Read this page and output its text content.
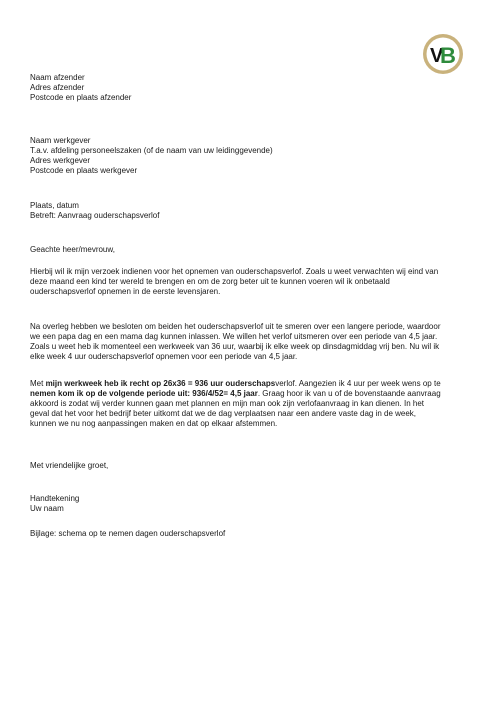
V
B
Naam afzender
Adres afzender
Postcode en plaats afzender
Naam werkgever
T.a.v. afdeling personeelszaken (of de naam van uw leidinggevende)
Adres werkgever
Postcode en plaats werkgever
Plaats, datum
Betreft: Aanvraag ouderschapsverlof
Geachte heer/mevrouw,
Hierbij wil ik mijn verzoek indienen voor het opnemen van ouderschapsverlof. Zoals u weet verwachten wij eind van
deze maand een kind ter wereld te brengen en om de zorg beter uit te kunnen voeren wil ik onbetaald
ouderschapsverlof opnemen in de eerste levensjaren.
Na overleg hebben we besloten om beiden het ouderschapsverlof uit te smeren over een langere periode, waardoor
we een papa dag en een mama dag kunnen inlassen. We willen het verlof uitsmeren over een periode van 4,5 jaar.
Zoals u weet heb ik momenteel een werkweek van 36 uur, waarbij ik elke week op dinsdagmiddag vrij ben. Nu wil ik
elke week 4 uur ouderschapsverlof opnemen voor een periode van 4,5 jaar.
Met mijn werkweek heb ik recht op 26x36 = 936 uur ouderschapsverlof. Aangezien ik 4 uur per week wens op te
nemen kom ik op de volgende periode uit: 936/4/52= 4,5 jaar. Graag hoor ik van u of de bovenstaande aanvraag
akkoord is zodat wij verder kunnen gaan met plannen en mijn man ook zijn verlofaanvraag in kan dienen. In het
geval dat het voor het bedrijf beter uitkomt dat we de dag verplaatsen naar een andere vaste dag in de week,
kunnen we nu nog aanpassingen maken en dat op elkaar afstemmen.
Met vriendelijke groet,
Handtekening
Uw naam
Bijlage: schema op te nemen dagen ouderschapsverlof
